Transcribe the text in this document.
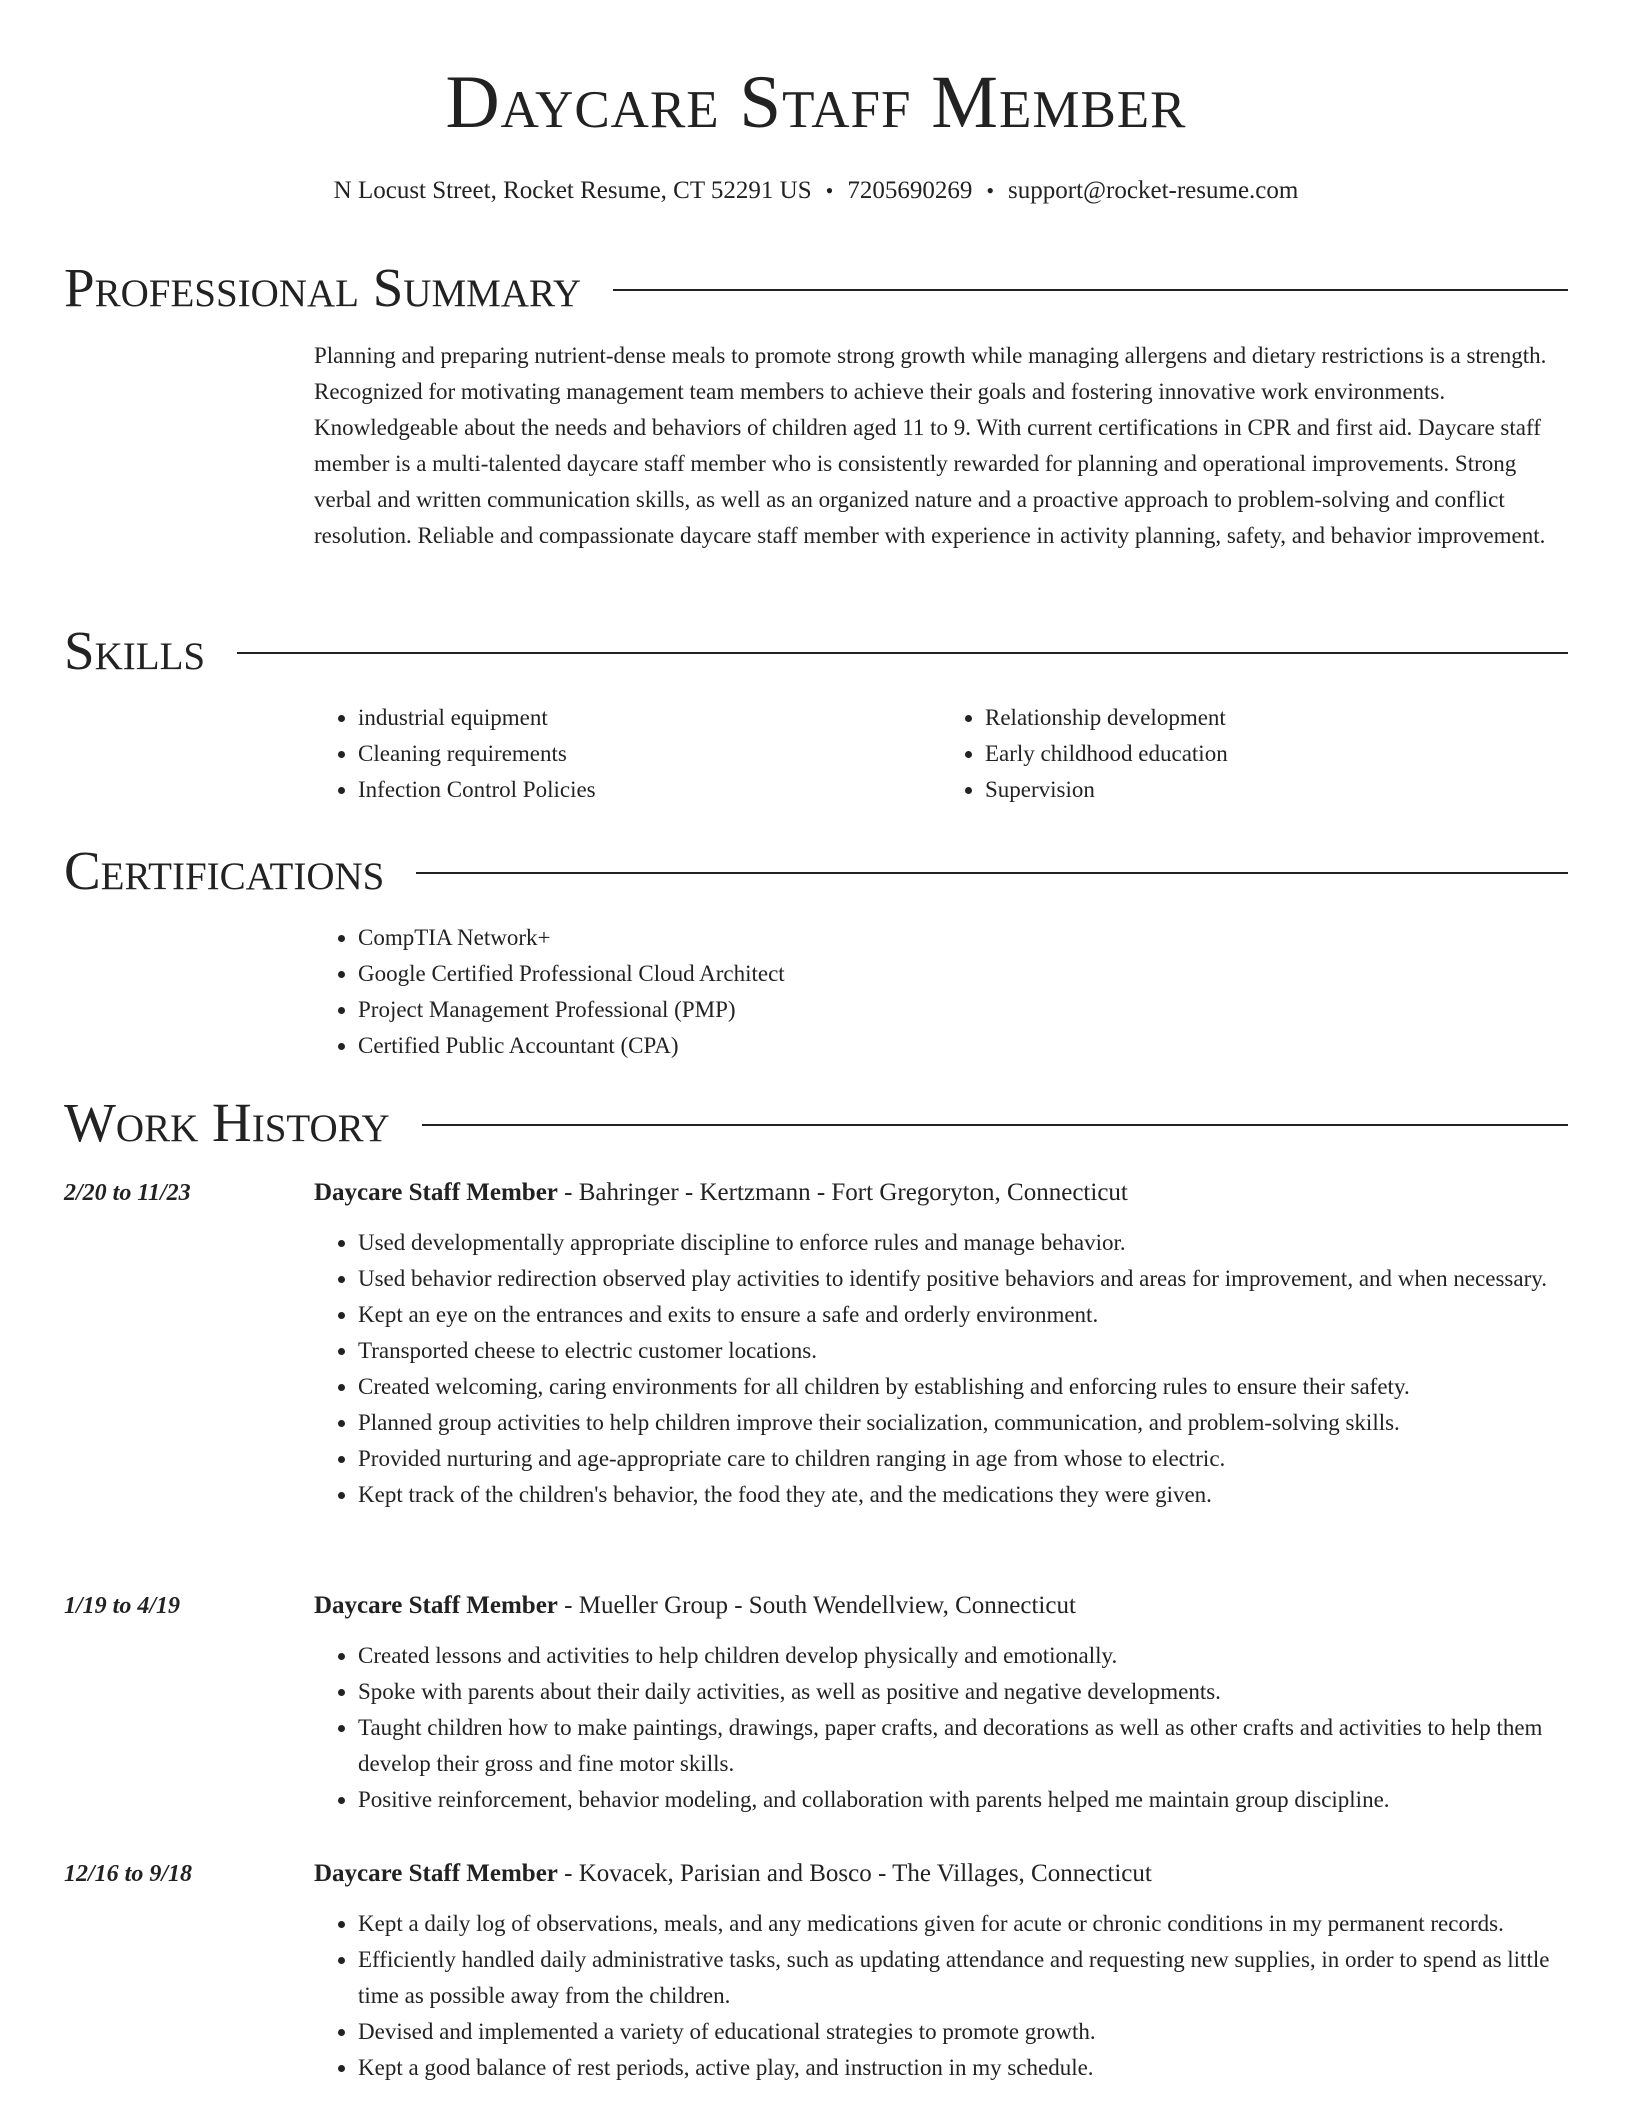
Daycare Staff Member
N Locust Street, Rocket Resume, CT 52291 US • 7205690269 • support@rocket-resume.com
Professional Summary

Planning and preparing nutrient-dense meals to promote strong growth while managing allergens and dietary restrictions is a strength. Recognized for motivating management team members to achieve their goals and fostering innovative work environments. Knowledgeable about the needs and behaviors of children aged 11 to 9. With current certifications in CPR and first aid. Daycare staff member is a multi-talented daycare staff member who is consistently rewarded for planning and operational improvements. Strong verbal and written communication skills, as well as an organized nature and a proactive approach to problem-solving and conflict resolution. Reliable and compassionate daycare staff member with experience in activity planning, safety, and behavior improvement.

Skills
• industrial equipment
• Cleaning requirements
• Infection Control Policies
• Relationship development
• Early childhood education
• Supervision
Certifications
• CompTIA Network+
• Google Certified Professional Cloud Architect
• Project Management Professional (PMP)
• Certified Public Accountant (CPA)
Work History
2/20 to 11/23	Daycare Staff Member - Bahringer - Kertzmann - Fort Gregoryton, Connecticut
• Used developmentally appropriate discipline to enforce rules and manage behavior.
• Used behavior redirection observed play activities to identify positive behaviors and areas for improvement, and when necessary.
• Kept an eye on the entrances and exits to ensure a safe and orderly environment.
• Transported cheese to electric customer locations.
• Created welcoming, caring environments for all children by establishing and enforcing rules to ensure their safety.
• Planned group activities to help children improve their socialization, communication, and problem-solving skills.
• Provided nurturing and age-appropriate care to children ranging in age from whose to electric.
• Kept track of the children's behavior, the food they ate, and the medications they were given.
1/19 to 4/19	Daycare Staff Member - Mueller Group - South Wendellview, Connecticut
• Created lessons and activities to help children develop physically and emotionally.
• Spoke with parents about their daily activities, as well as positive and negative developments.
• Taught children how to make paintings, drawings, paper crafts, and decorations as well as other crafts and activities to help them develop their gross and fine motor skills.
• Positive reinforcement, behavior modeling, and collaboration with parents helped me maintain group discipline.
12/16 to 9/18	Daycare Staff Member - Kovacek, Parisian and Bosco - The Villages, Connecticut
• Kept a daily log of observations, meals, and any medications given for acute or chronic conditions in my permanent records.
• Efficiently handled daily administrative tasks, such as updating attendance and requesting new supplies, in order to spend as little time as possible away from the children.
• Devised and implemented a variety of educational strategies to promote growth.
• Kept a good balance of rest periods, active play, and instruction in my schedule.
